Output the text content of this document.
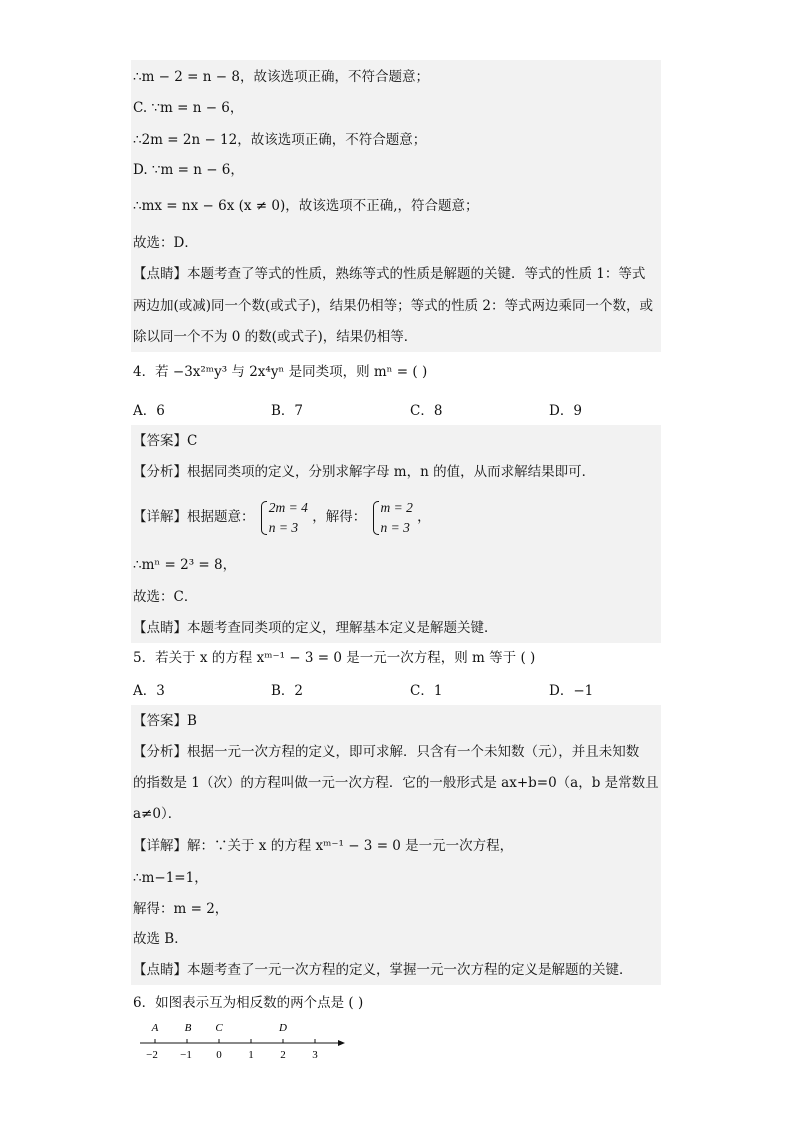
∴m − 2 = n − 8，故该选项正确，不符合题意；
C. ∵m = n − 6，
∴2m = 2n − 12，故该选项正确，不符合题意；
D. ∵m = n − 6，
∴mx = nx − 6x (x ≠ 0)，故该选项不正确,，符合题意；
故选：D．
【点睛】本题考查了等式的性质，熟练等式的性质是解题的关键．等式的性质 1：等式
两边加(或减)同一个数(或式子)，结果仍相等；等式的性质 2：等式两边乘同一个数，或
除以同一个不为 0 的数(或式子)，结果仍相等．
4．若 −3x²ᵐy³ 与 2x⁴yⁿ 是同类项，则 mⁿ = ( )
A．6	B．7	C．8	D．9
【答案】C
【分析】根据同类项的定义，分别求解字母 m，n 的值，从而求解结果即可．
【详解】根据题意：
2m = 4
n = 3
，解得：
m = 2
n = 3
，
∴mⁿ = 2³ = 8，
故选：C．
【点睛】本题考查同类项的定义，理解基本定义是解题关键．
5．若关于 x 的方程 xᵐ⁻¹ − 3 = 0 是一元一次方程，则 m 等于 ( )
A．3	B．2	C．1	D．−1
【答案】B
【分析】根据一元一次方程的定义，即可求解．只含有一个未知数（元），并且未知数
的指数是 1（次）的方程叫做一元一次方程．它的一般形式是 ax+b=0（a，b 是常数且
a≠0）．
【详解】解：∵关于 x 的方程 xᵐ⁻¹ − 3 = 0 是一元一次方程，
∴m−1=1，
解得：m = 2，
故选 B．
【点睛】本题考查了一元一次方程的定义，掌握一元一次方程的定义是解题的关键．
6．如图表示互为相反数的两个点是 ( )
A B C	D
−2 −1 0 1 2 3
